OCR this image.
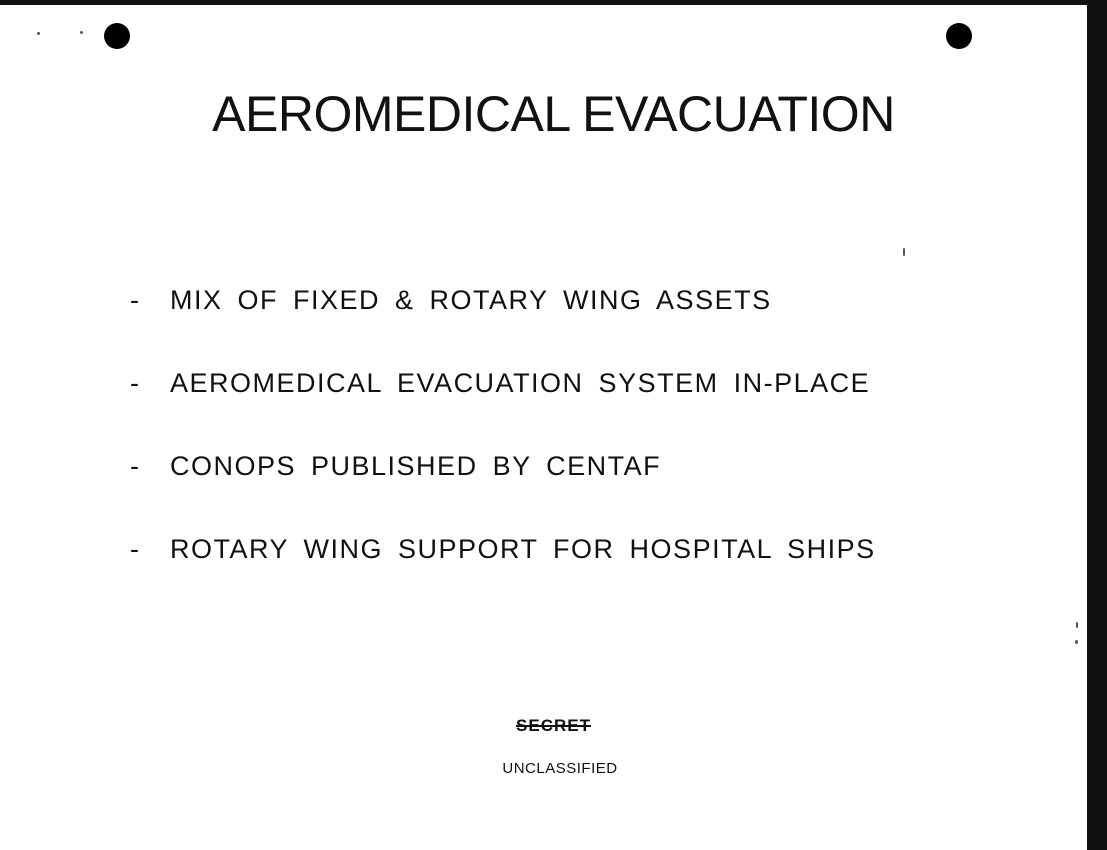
AEROMEDICAL EVACUATION
-	MIX OF FIXED & ROTARY WING ASSETS
-	AEROMEDICAL EVACUATION SYSTEM IN-PLACE
-	CONOPS PUBLISHED BY CENTAF
-	ROTARY WING SUPPORT FOR HOSPITAL SHIPS
SECRET
UNCLASSIFIED
